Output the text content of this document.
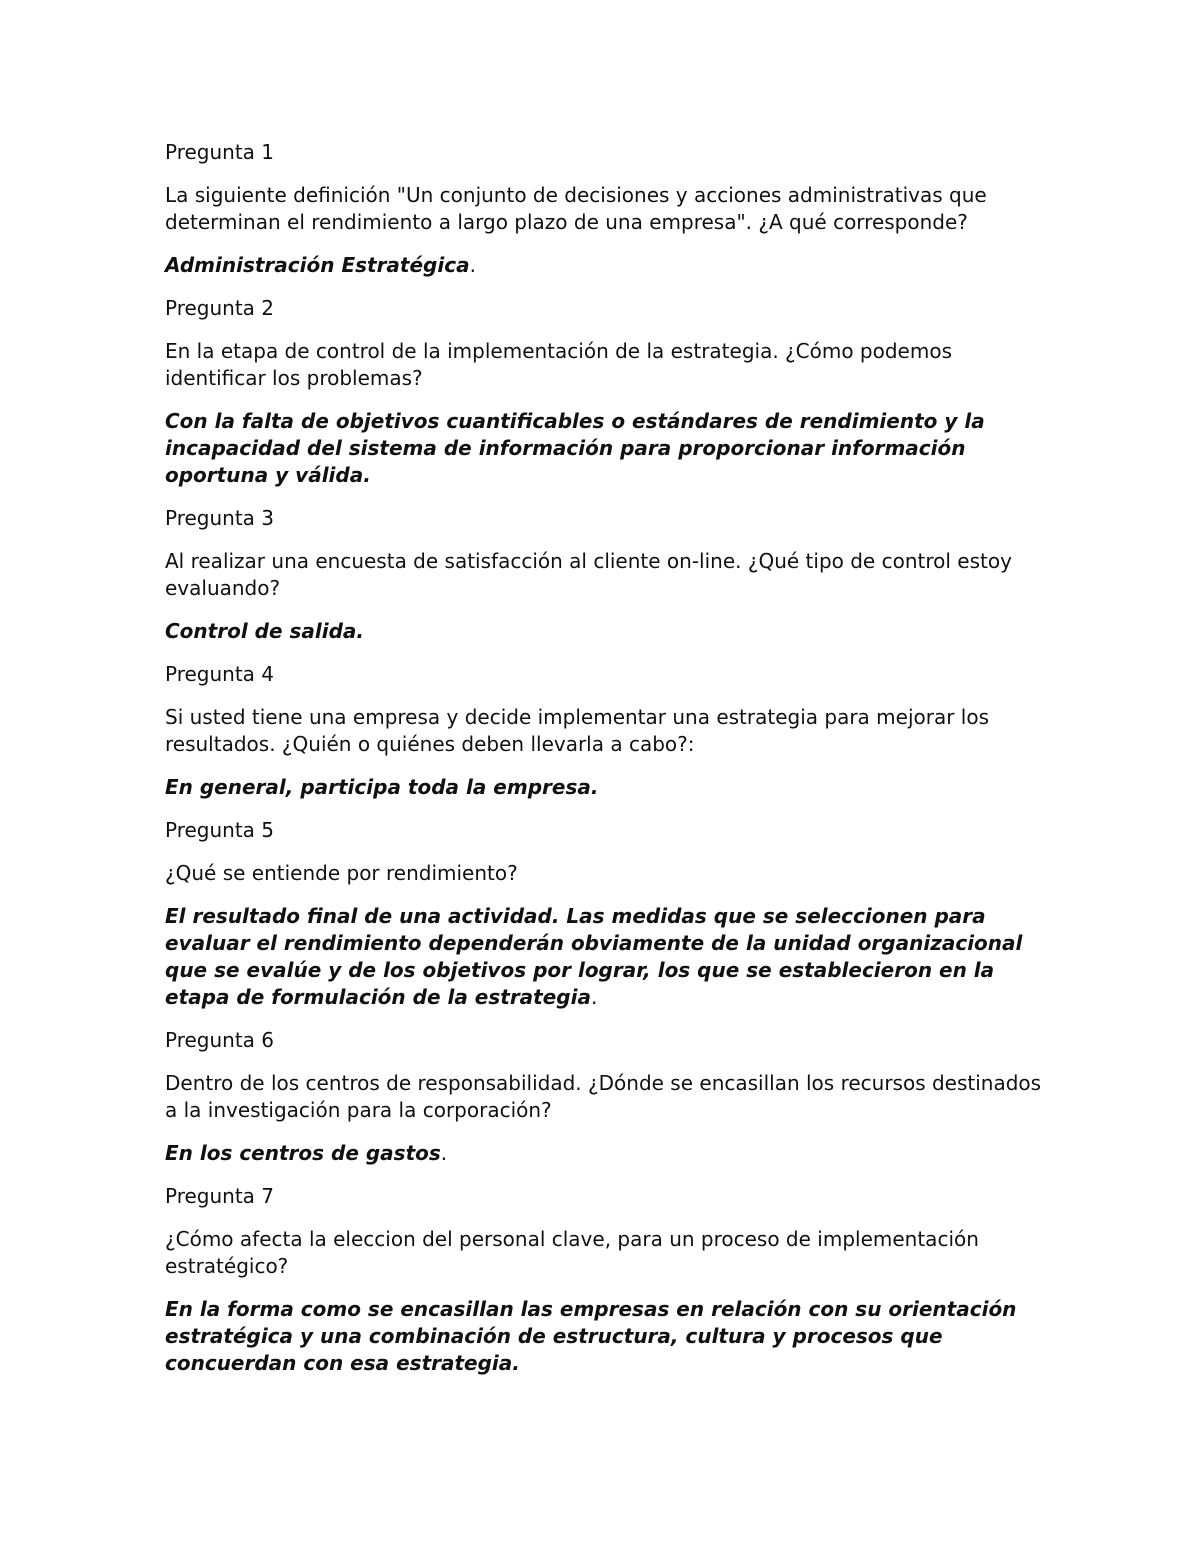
Pregunta 1

La siguiente definición "Un conjunto de decisiones y acciones administrativas que determinan el rendimiento a largo plazo de una empresa". ¿A qué corresponde?

Administración Estratégica.

Pregunta 2

En la etapa de control de la implementación de la estrategia. ¿Cómo podemos identificar los problemas?

Con la falta de objetivos cuantificables o estándares de rendimiento y la incapacidad del sistema de información para proporcionar información oportuna y válida.

Pregunta 3

Al realizar una encuesta de satisfacción al cliente on-line. ¿Qué tipo de control estoy evaluando?

Control de salida.

Pregunta 4

Si usted tiene una empresa y decide implementar una estrategia para mejorar los resultados. ¿Quién o quiénes deben llevarla a cabo?:

En general, participa toda la empresa.

Pregunta 5

¿Qué se entiende por rendimiento?

El resultado final de una actividad. Las medidas que se seleccionen para evaluar el rendimiento dependerán obviamente de la unidad organizacional que se evalúe y de los objetivos por lograr, los que se establecieron en la etapa de formulación de la estrategia.

Pregunta 6

Dentro de los centros de responsabilidad. ¿Dónde se encasillan los recursos destinados a la investigación para la corporación?

En los centros de gastos.

Pregunta 7

¿Cómo afecta la eleccion del personal clave, para un proceso de implementación estratégico?

En la forma como se encasillan las empresas en relación con su orientación estratégica y una combinación de estructura, cultura y procesos que concuerdan con esa estrategia.
